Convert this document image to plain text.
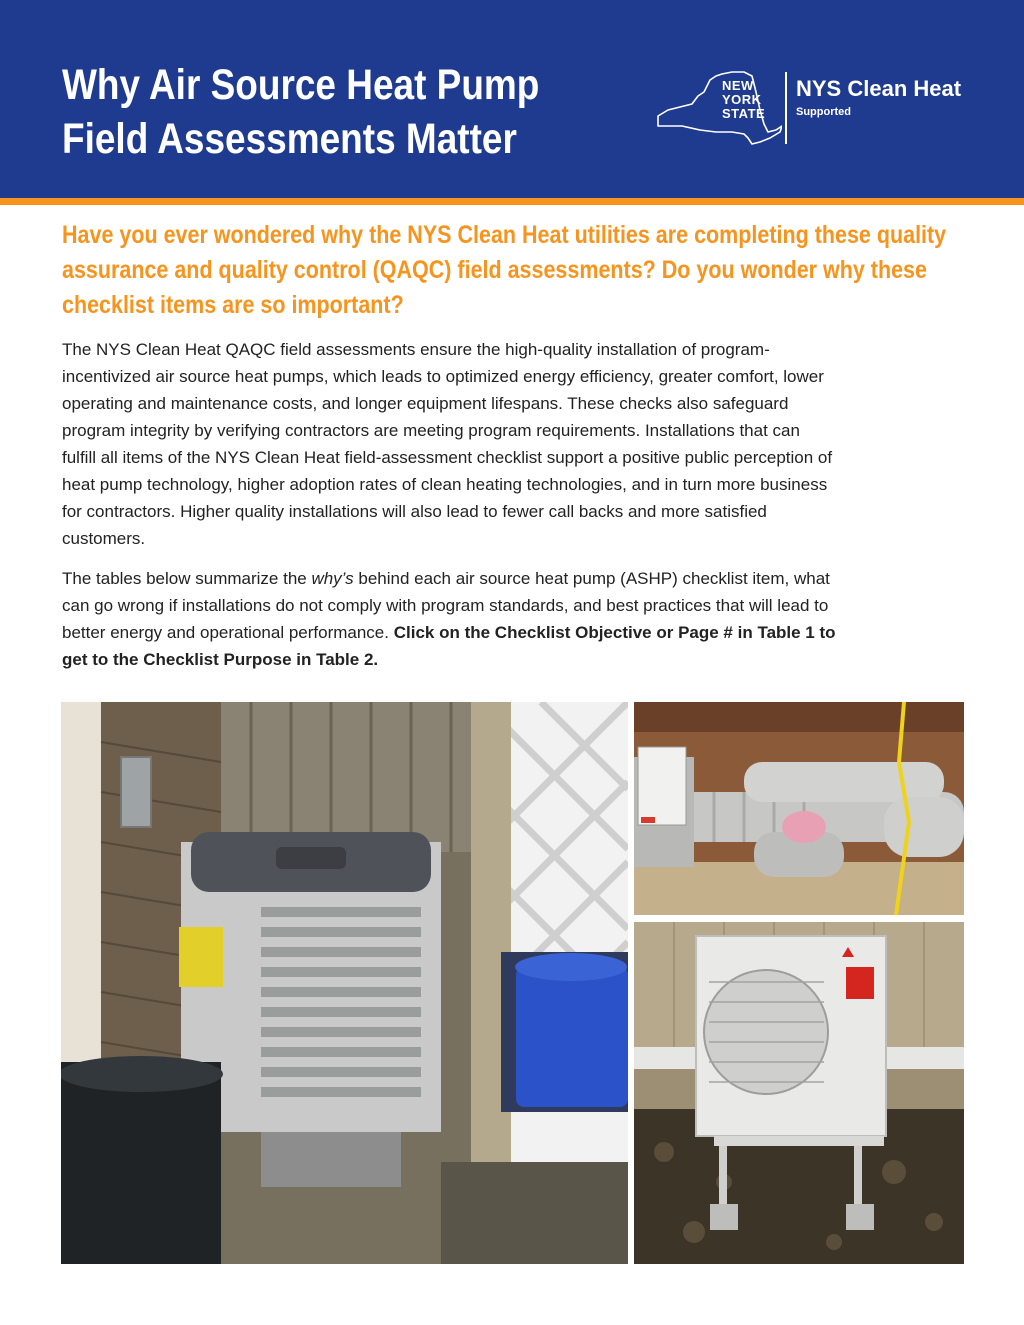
Why Air Source Heat Pump
Field Assessments Matter
NEW
YORK
STATE
NYS Clean Heat
Supported
Have you ever wondered why the NYS Clean Heat utilities are completing these quality
assurance and quality control (QAQC) field assessments? Do you wonder why these
checklist items are so important?
The NYS Clean Heat QAQC field assessments ensure the high-quality installation of program-
incentivized air source heat pumps, which leads to optimized energy efficiency, greater comfort, lower
operating and maintenance costs, and longer equipment lifespans. These checks also safeguard
program integrity by verifying contractors are meeting program requirements. Installations that can
fulfill all items of the NYS Clean Heat field-assessment checklist support a positive public perception of
heat pump technology, higher adoption rates of clean heating technologies, and in turn more business
for contractors. Higher quality installations will also lead to fewer call backs and more satisfied
customers.
The tables below summarize the why’s behind each air source heat pump (ASHP) checklist item, what
can go wrong if installations do not comply with program standards, and best practices that will lead to
better energy and operational performance. Click on the Checklist Objective or Page # in Table 1 to
get to the Checklist Purpose in Table 2.
